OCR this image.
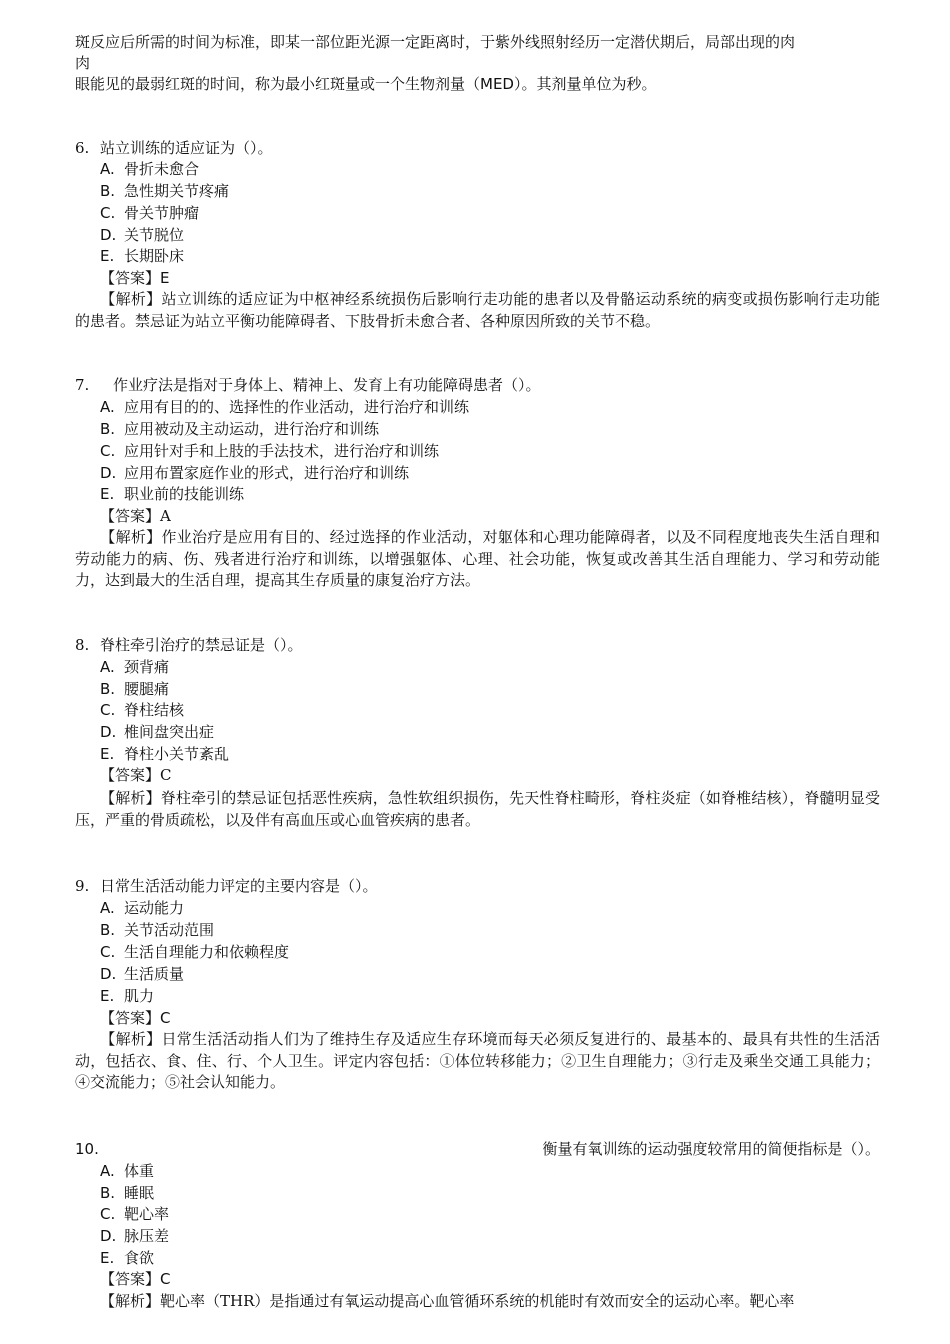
斑反应后所需的时间为标准，即某一部位距光源一定距离时，于紫外线照射经历一定潜伏期后，局部出现的肉
肉
眼能见的最弱红斑的时间，称为最小红斑量或一个生物剂量（MED）。其剂量单位为秒。
6. 站立训练的适应证为（）。
A. 骨折未愈合
B. 急性期关节疼痛
C. 骨关节肿瘤
D. 关节脱位
E. 长期卧床
【答案】E
【解析】站立训练的适应证为中枢神经系统损伤后影响行走功能的患者以及骨骼运动系统的病变或损伤影响行走功能的患者。禁忌证为站立平衡功能障碍者、下肢骨折未愈合者、各种原因所致的关节不稳。
7. 作业疗法是指对于身体上、精神上、发育上有功能障碍患者（）。
A. 应用有目的的、选择性的作业活动，进行治疗和训练
B. 应用被动及主动运动，进行治疗和训练
C. 应用针对手和上肢的手法技术，进行治疗和训练
D. 应用布置家庭作业的形式，进行治疗和训练
E. 职业前的技能训练
【答案】A
【解析】作业治疗是应用有目的、经过选择的作业活动，对躯体和心理功能障碍者，以及不同程度地丧失生活自理和劳动能力的病、伤、残者进行治疗和训练，以增强躯体、心理、社会功能，恢复或改善其生活自理能力、学习和劳动能力，达到最大的生活自理，提高其生存质量的康复治疗方法。
8. 脊柱牵引治疗的禁忌证是（）。
A. 颈背痛
B. 腰腿痛
C. 脊柱结核
D. 椎间盘突出症
E. 脊柱小关节紊乱
【答案】C
【解析】脊柱牵引的禁忌证包括恶性疾病，急性软组织损伤，先天性脊柱畸形，脊柱炎症（如脊椎结核），脊髓明显受压，严重的骨质疏松，以及伴有高血压或心血管疾病的患者。
9. 日常生活活动能力评定的主要内容是（）。
A. 运动能力
B. 关节活动范围
C. 生活自理能力和依赖程度
D. 生活质量
E. 肌力
【答案】C
【解析】日常生活活动指人们为了维持生存及适应生存环境而每天必须反复进行的、最基本的、最具有共性的生活活动，包括衣、食、住、行、个人卫生。评定内容包括：①体位转移能力；②卫生自理能力；③行走及乘坐交通工具能力；④交流能力；⑤社会认知能力。
10.	衡量有氧训练的运动强度较常用的简便指标是（）。
A. 体重
B. 睡眠
C. 靶心率
D. 脉压差
E. 食欲
【答案】C
【解析】靶心率（THR）是指通过有氧运动提高心血管循环系统的机能时有效而安全的运动心率。靶心率
